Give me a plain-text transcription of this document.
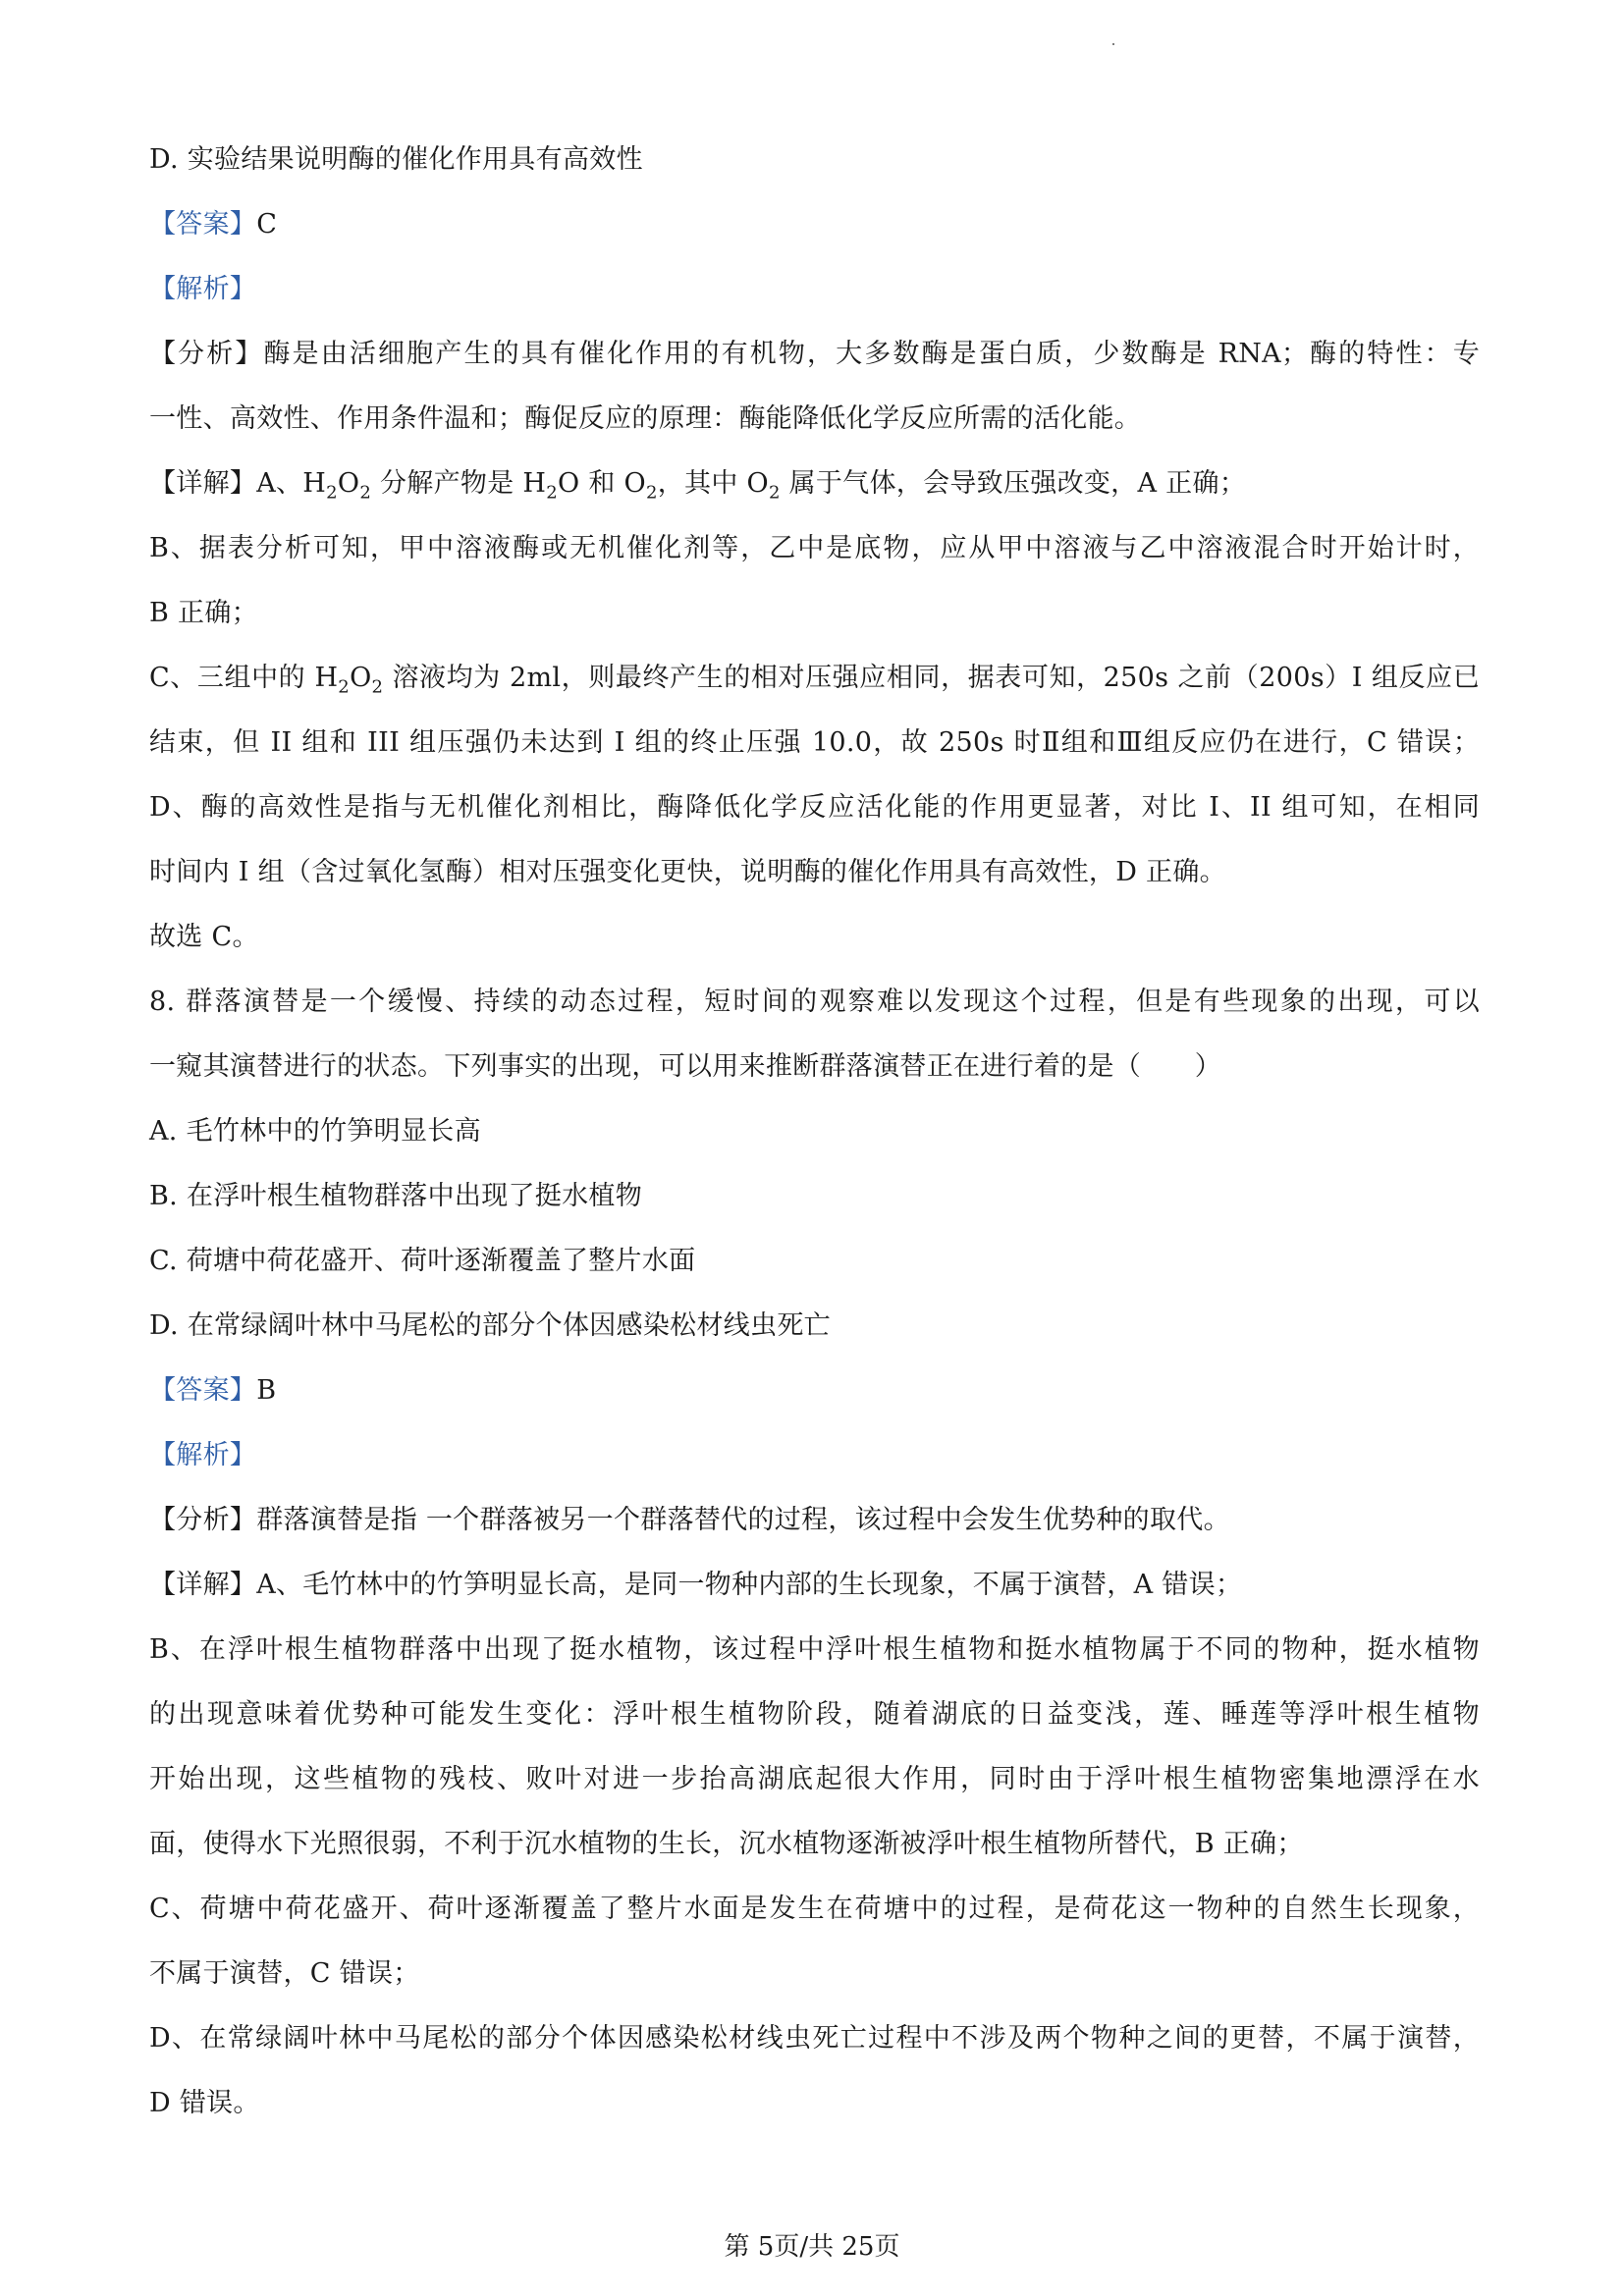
D. 实验结果说明酶的催化作用具有高效性
【答案】C
【解析】
【分析】酶是由活细胞产生的具有催化作用的有机物，大多数酶是蛋白质，少数酶是 RNA；酶的特性：专
一性、高效性、作用条件温和；酶促反应的原理：酶能降低化学反应所需的活化能。
【详解】A、$H_2O_2$ 分解产物是 $H_2O$ 和 $O_2$，其中 $O_2$ 属于气体，会导致压强改变，A 正确；
B、据表分析可知，甲中溶液酶或无机催化剂等，乙中是底物，应从甲中溶液与乙中溶液混合时开始计时，
B 正确；
C、三组中的 $H_2O_2$ 溶液均为 2ml，则最终产生的相对压强应相同，据表可知，250s 之前（200s）I 组反应已
结束，但 II 组和 III 组压强仍未达到 I 组的终止压强 10.0，故 250s 时Ⅱ组和Ⅲ组反应仍在进行，C 错误；
D、酶的高效性是指与无机催化剂相比，酶降低化学反应活化能的作用更显著，对比 I、II 组可知，在相同
时间内 I 组（含过氧化氢酶）相对压强变化更快，说明酶的催化作用具有高效性，D 正确。
故选 C。
8. 群落演替是一个缓慢、持续的动态过程，短时间的观察难以发现这个过程，但是有些现象的出现，可以
一窥其演替进行的状态。下列事实的出现，可以用来推断群落演替正在进行着的是（　　）
A. 毛竹林中的竹笋明显长高
B. 在浮叶根生植物群落中出现了挺水植物
C. 荷塘中荷花盛开、荷叶逐渐覆盖了整片水面
D. 在常绿阔叶林中马尾松的部分个体因感染松材线虫死亡
【答案】B
【解析】
【分析】群落演替是指 一个群落被另一个群落替代的过程，该过程中会发生优势种的取代。
【详解】A、毛竹林中的竹笋明显长高，是同一物种内部的生长现象，不属于演替，A 错误；
B、在浮叶根生植物群落中出现了挺水植物，该过程中浮叶根生植物和挺水植物属于不同的物种，挺水植物
的出现意味着优势种可能发生变化：浮叶根生植物阶段，随着湖底的日益变浅，莲、睡莲等浮叶根生植物
开始出现，这些植物的残枝、败叶对进一步抬高湖底起很大作用，同时由于浮叶根生植物密集地漂浮在水
面，使得水下光照很弱，不利于沉水植物的生长，沉水植物逐渐被浮叶根生植物所替代，B 正确；
C、荷塘中荷花盛开、荷叶逐渐覆盖了整片水面是发生在荷塘中的过程，是荷花这一物种的自然生长现象，
不属于演替，C 错误；
D、在常绿阔叶林中马尾松的部分个体因感染松材线虫死亡过程中不涉及两个物种之间的更替，不属于演替，
D 错误。
第 5页/共 25页
